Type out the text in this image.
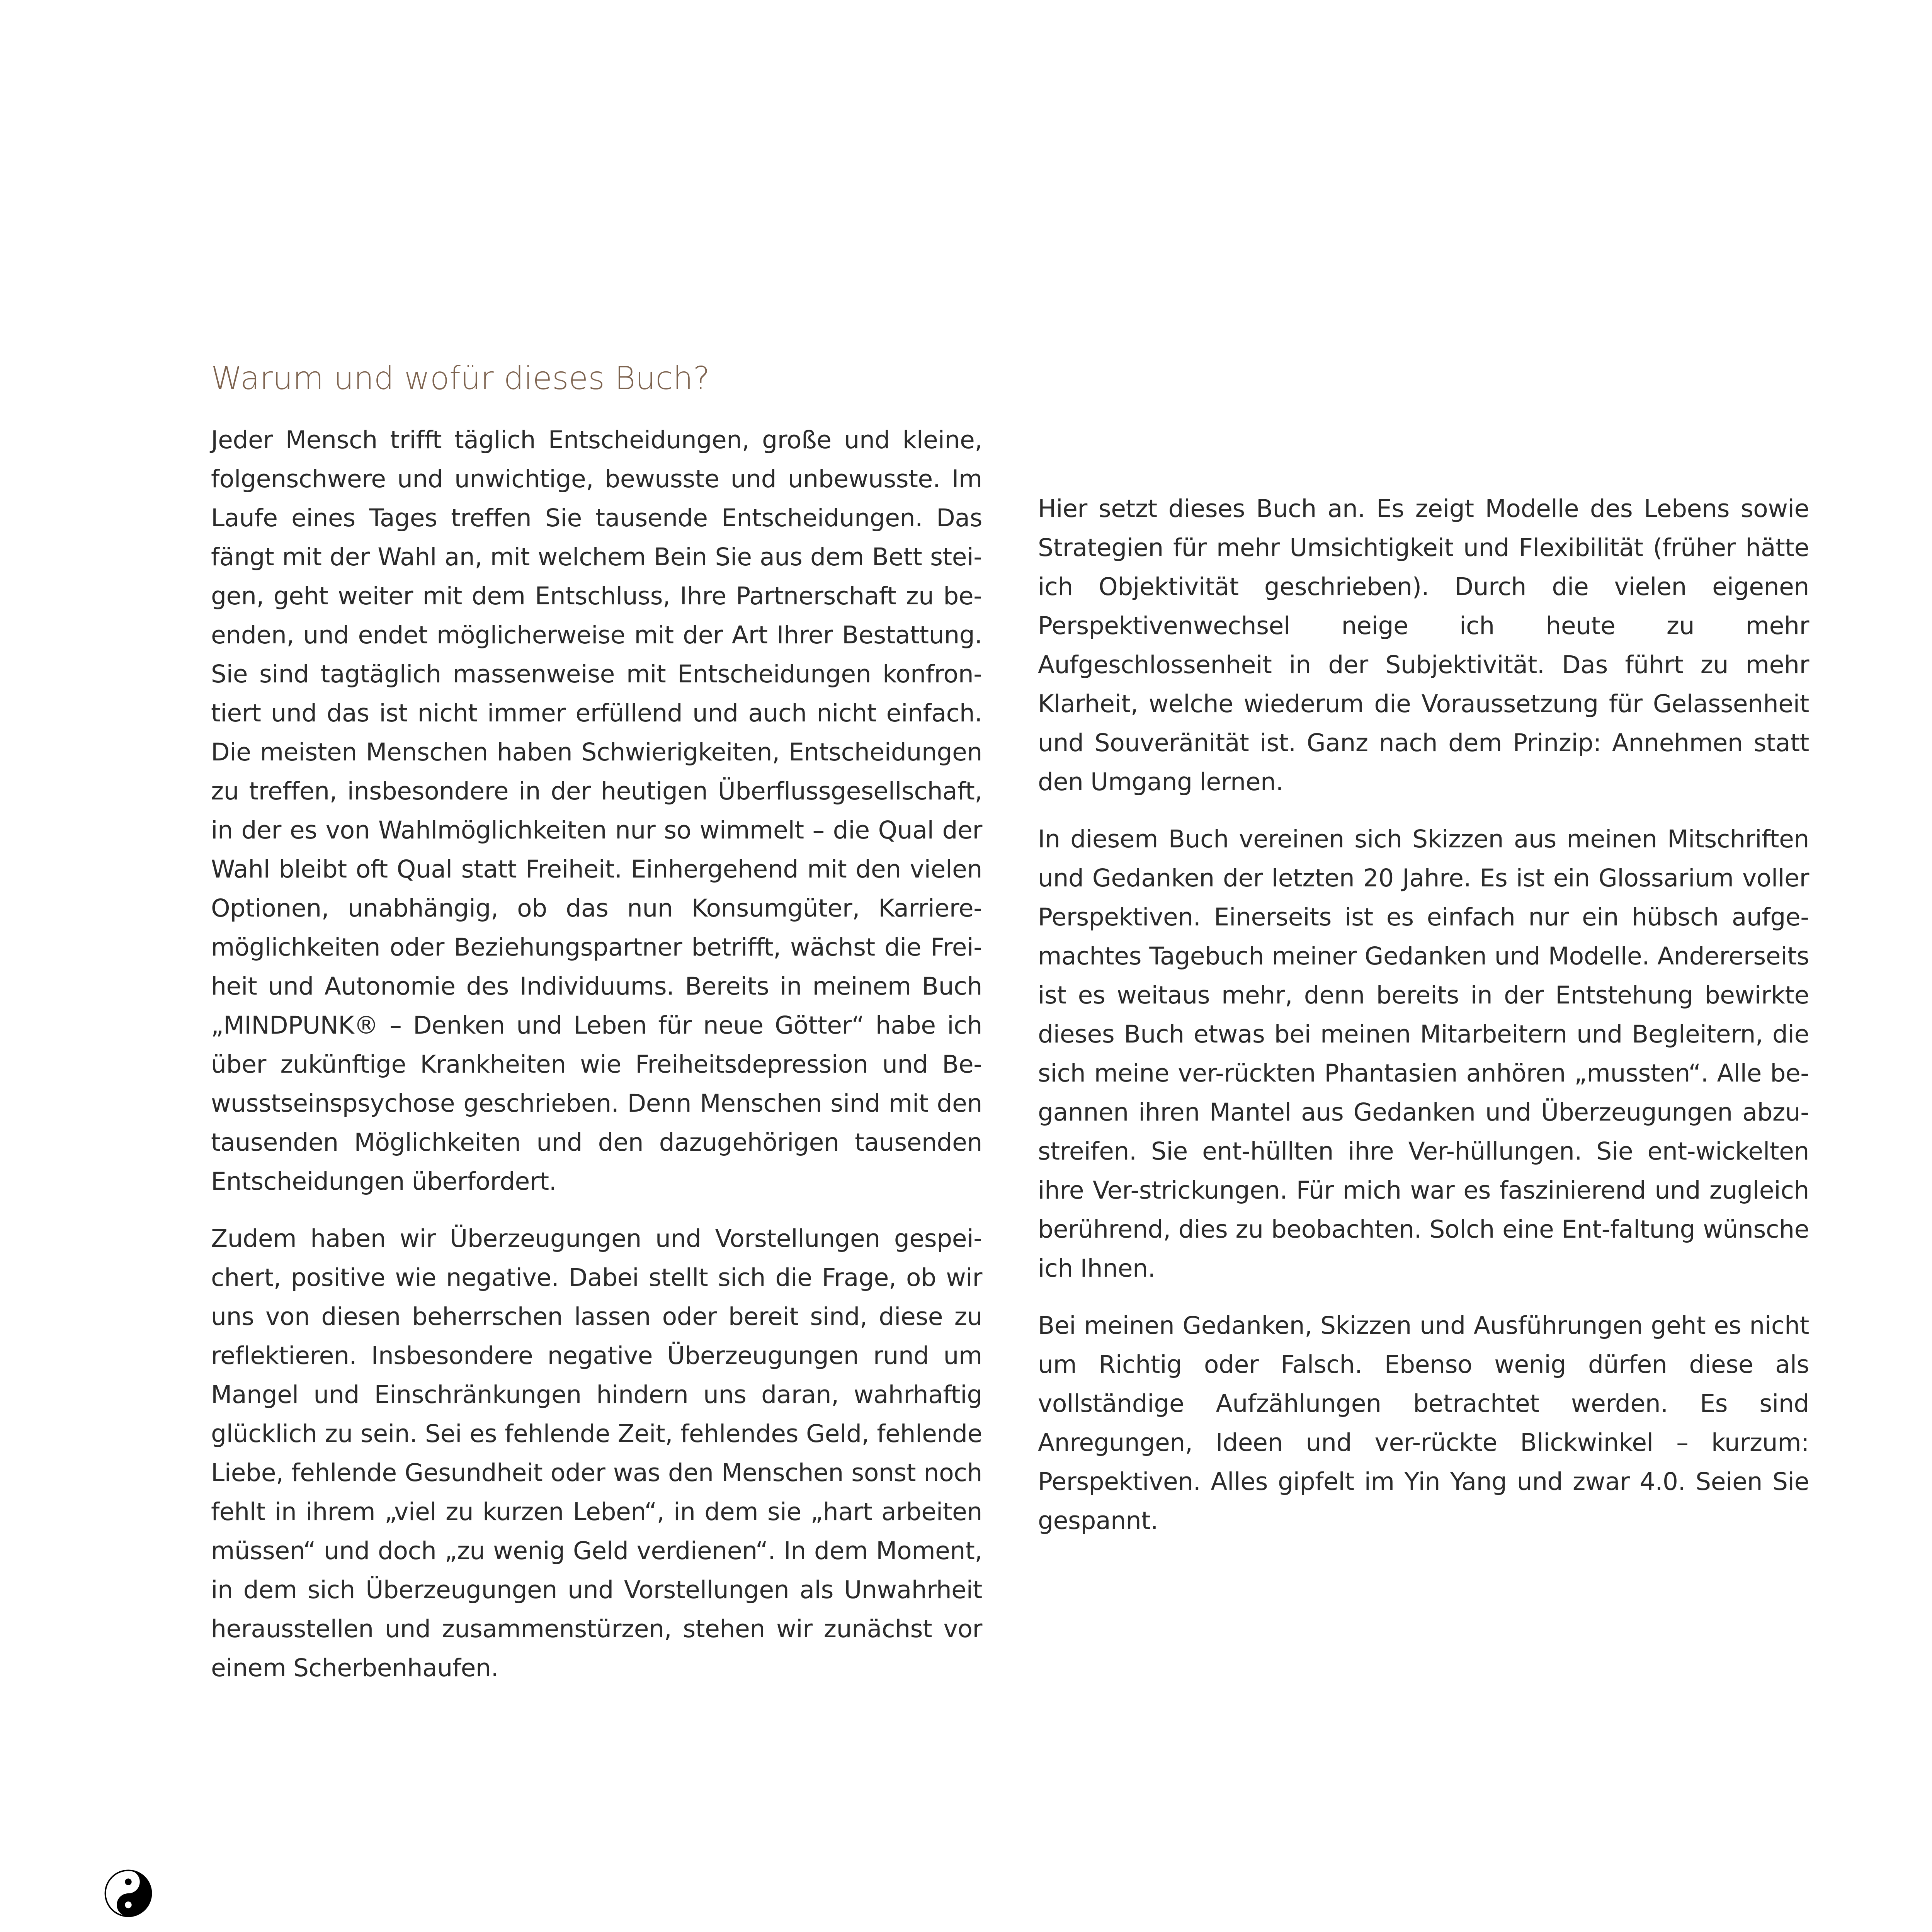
Warum und wofür dieses Buch?

Jeder Mensch trifft täglich Entscheidungen, große und kleine, folgenschwere und unwichtige, bewusste und unbewusste. Im Laufe eines Tages treffen Sie tausende Entscheidungen. Das fängt mit der Wahl an, mit welchem Bein Sie aus dem Bett steigen, geht weiter mit dem Entschluss, Ihre Partnerschaft zu beenden, und endet möglicherweise mit der Art Ihrer Bestattung. Sie sind tagtäglich massenweise mit Entscheidungen konfrontiert und das ist nicht immer erfüllend und auch nicht einfach. Die meisten Menschen haben Schwierigkeiten, Entscheidungen zu treffen, insbesondere in der heutigen Überflussgesellschaft, in der es von Wahlmöglichkeiten nur so wimmelt – die Qual der Wahl bleibt oft Qual statt Freiheit. Einhergehend mit den vielen Optionen, unabhängig, ob das nun Konsumgüter, Karrieremöglichkeiten oder Beziehungspartner betrifft, wächst die Freiheit und Autonomie des Individuums. Bereits in meinem Buch „MINDPUNK® – Denken und Leben für neue Götter“ habe ich über zukünftige Krankheiten wie Freiheitsdepression und Bewusstseinspsychose geschrieben. Denn Menschen sind mit den tausenden Möglichkeiten und den dazugehörigen tausenden Entscheidungen überfordert.

Zudem haben wir Überzeugungen und Vorstellungen gespeichert, positive wie negative. Dabei stellt sich die Frage, ob wir uns von diesen beherrschen lassen oder bereit sind, diese zu reflektieren. Insbesondere negative Überzeugungen rund um Mangel und Einschränkungen hindern uns daran, wahrhaftig glücklich zu sein. Sei es fehlende Zeit, fehlendes Geld, fehlende Liebe, fehlende Gesundheit oder was den Menschen sonst noch fehlt in ihrem „viel zu kurzen Leben“, in dem sie „hart arbeiten müssen“ und doch „zu wenig Geld verdienen“. In dem Moment, in dem sich Überzeugungen und Vorstellungen als Unwahrheit herausstellen und zusammenstürzen, stehen wir zunächst vor einem Scherbenhaufen.

Hier setzt dieses Buch an. Es zeigt Modelle des Lebens sowie Strategien für mehr Umsichtigkeit und Flexibilität (früher hätte ich Objektivität geschrieben). Durch die vielen eigenen Perspektivenwechsel neige ich heute zu mehr Aufgeschlossenheit in der Subjektivität. Das führt zu mehr Klarheit, welche wiederum die Voraussetzung für Gelassenheit und Souveränität ist. Ganz nach dem Prinzip: Annehmen statt den Umgang lernen.

In diesem Buch vereinen sich Skizzen aus meinen Mitschriften und Gedanken der letzten 20 Jahre. Es ist ein Glossarium voller Perspektiven. Einerseits ist es einfach nur ein hübsch aufgemachtes Tagebuch meiner Gedanken und Modelle. Andererseits ist es weitaus mehr, denn bereits in der Entstehung bewirkte dieses Buch etwas bei meinen Mitarbeitern und Begleitern, die sich meine ver-rückten Phantasien anhören „mussten“. Alle begannen ihren Mantel aus Gedanken und Überzeugungen abzustreifen. Sie ent-hüllten ihre Ver-hüllungen. Sie ent-wickelten ihre Ver-strickungen. Für mich war es faszinierend und zugleich berührend, dies zu beobachten. Solch eine Ent-faltung wünsche ich Ihnen.

Bei meinen Gedanken, Skizzen und Ausführungen geht es nicht um Richtig oder Falsch. Ebenso wenig dürfen diese als vollständige Aufzählungen betrachtet werden. Es sind Anregungen, Ideen und ver-rückte Blickwinkel – kurzum: Perspektiven. Alles gipfelt im Yin Yang und zwar 4.0. Seien Sie gespannt.
